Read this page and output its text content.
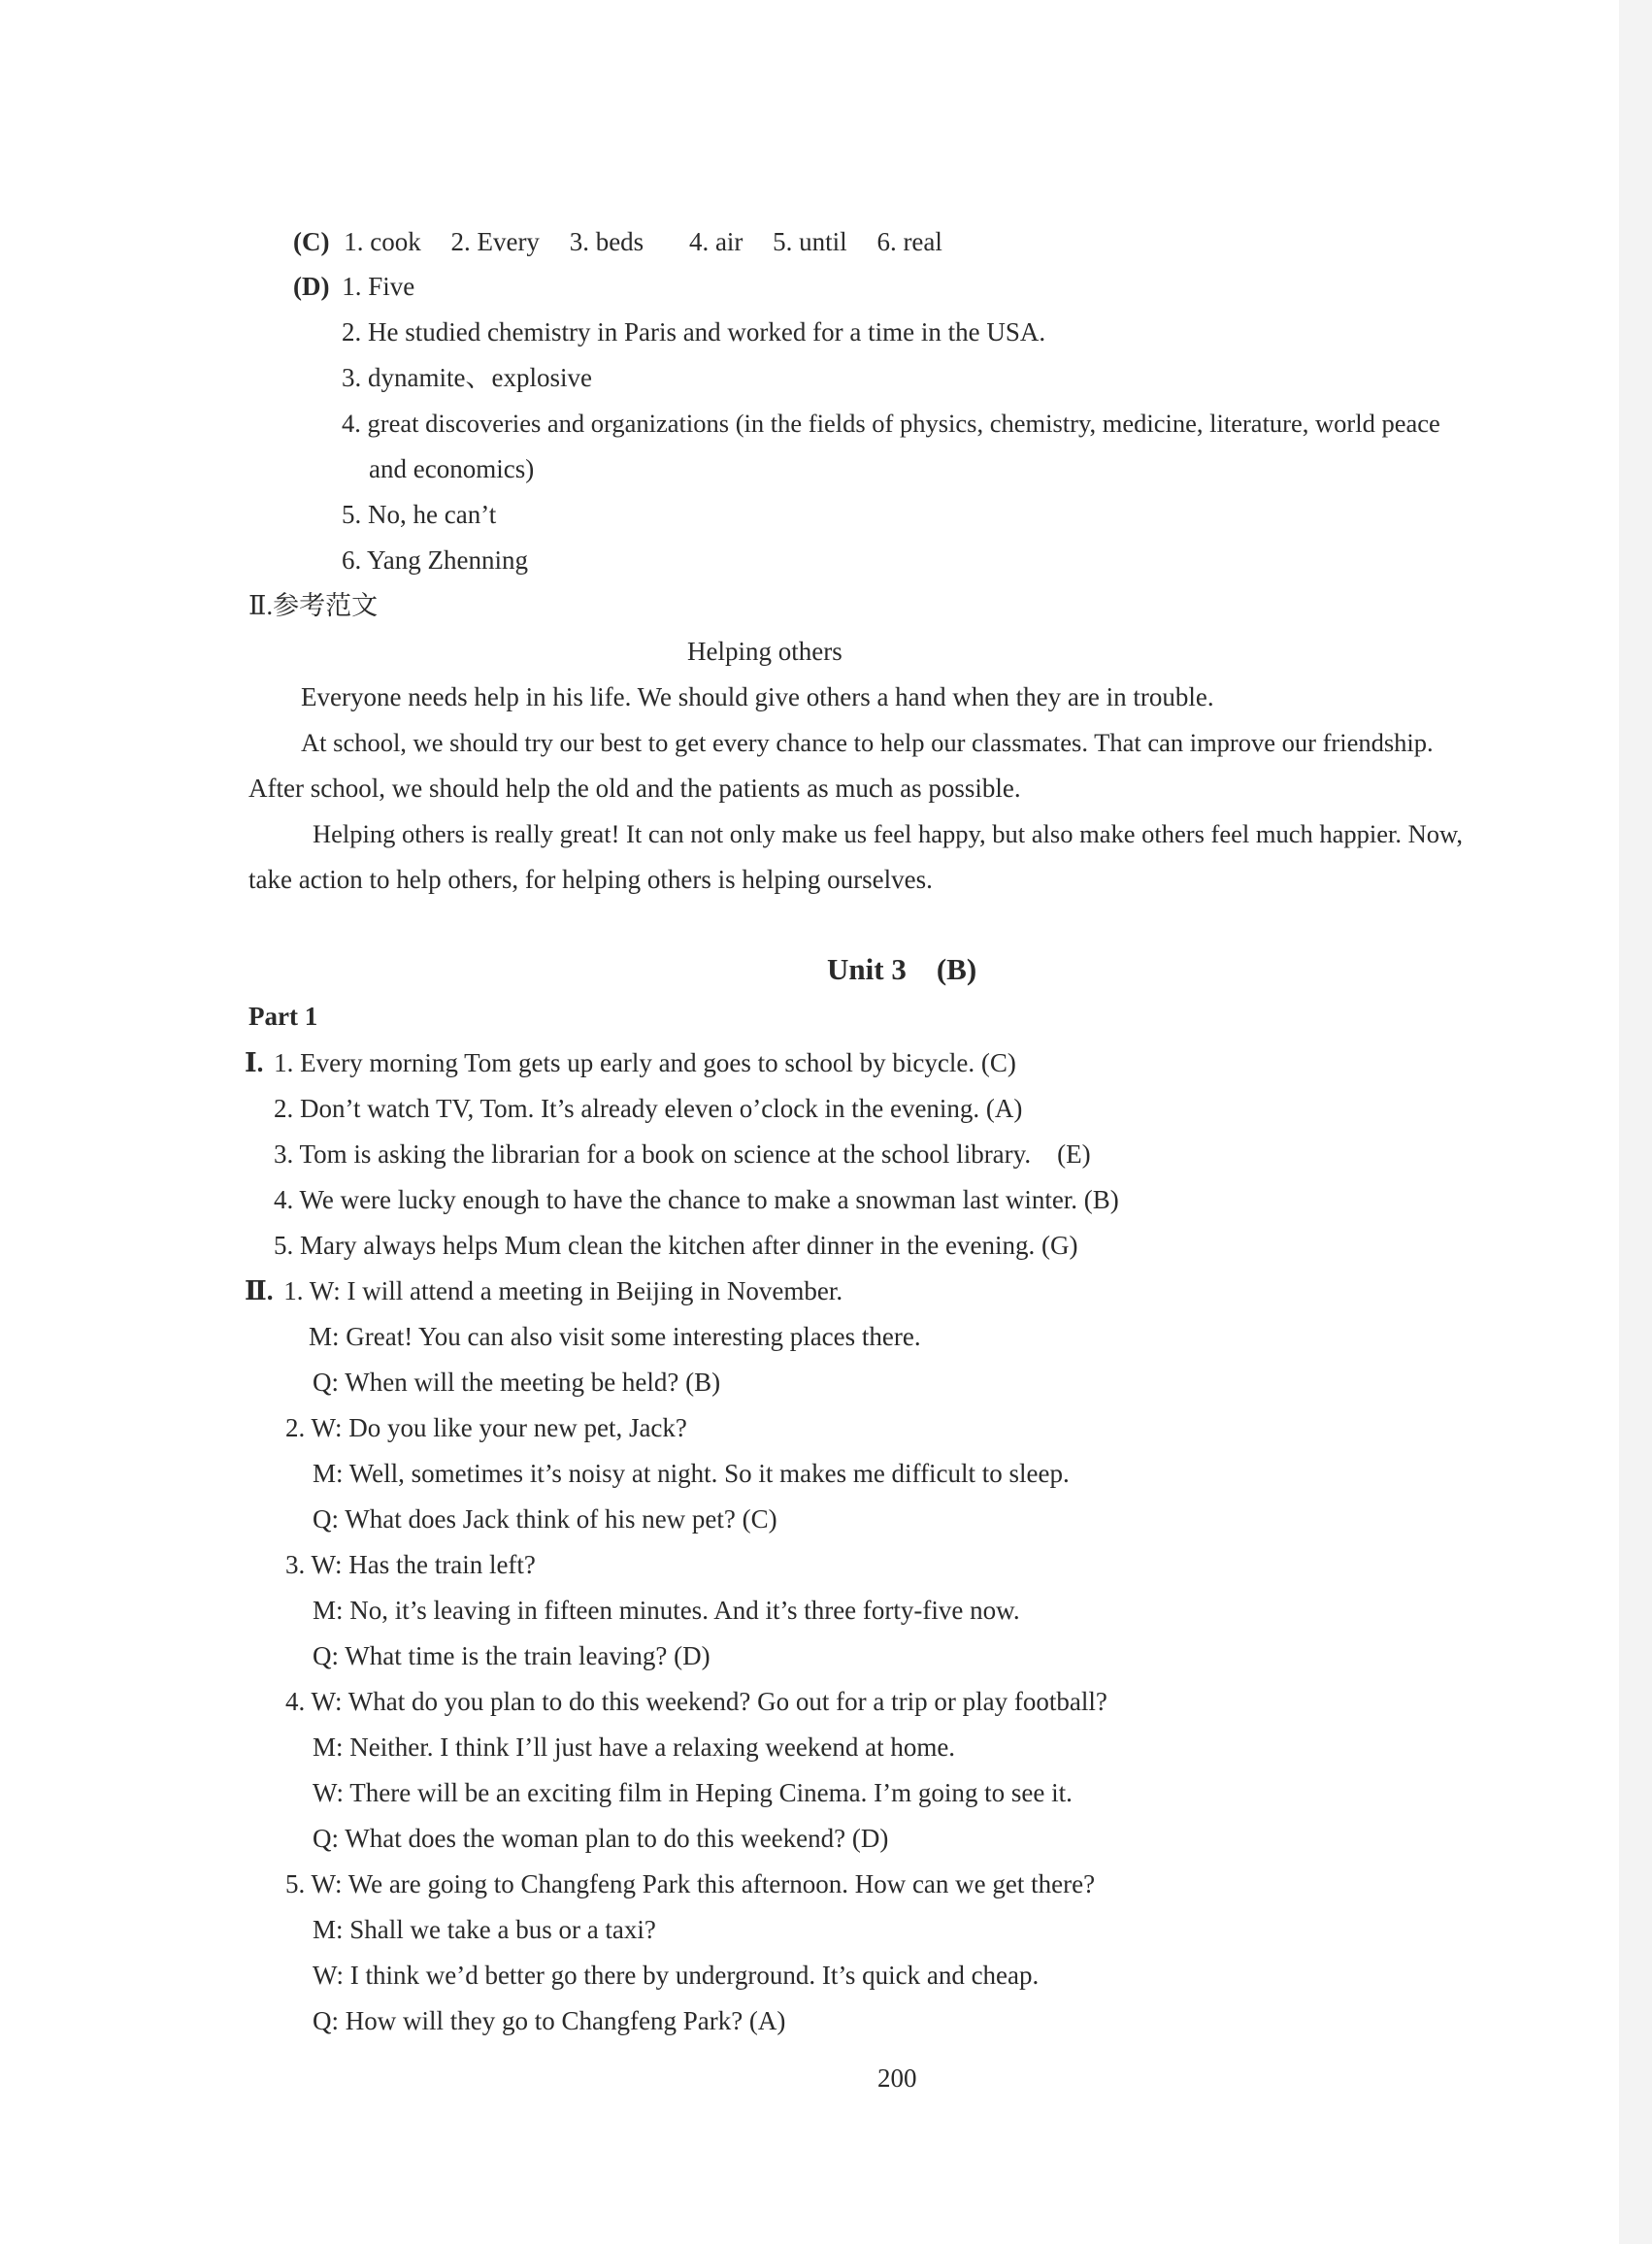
(C) 1. cook 2. Every 3. beds 4. air 5. until 6. real
(D) 1. Five
2. He studied chemistry in Paris and worked for a time in the USA.
3. dynamite、explosive
4. great discoveries and organizations (in the fields of physics, chemistry, medicine, literature, world peace
and economics)
5. No, he can’t
6. Yang Zhenning
Ⅱ.参考范文
Helping others
Everyone needs help in his life. We should give others a hand when they are in trouble.
At school, we should try our best to get every chance to help our classmates. That can improve our friendship.
After school, we should help the old and the patients as much as possible.
Helping others is really great! It can not only make us feel happy, but also make others feel much happier. Now,
take action to help others, for helping others is helping ourselves.
Unit 3　(B)
Part 1
Ⅰ. 1. Every morning Tom gets up early and goes to school by bicycle. (C)
2. Don’t watch TV, Tom. It’s already eleven o’clock in the evening. (A)
3. Tom is asking the librarian for a book on science at the school library.　(E)
4. We were lucky enough to have the chance to make a snowman last winter. (B)
5. Mary always helps Mum clean the kitchen after dinner in the evening. (G)
Ⅱ. 1. W: I will attend a meeting in Beijing in November.
M: Great! You can also visit some interesting places there.
Q: When will the meeting be held? (B)
2. W: Do you like your new pet, Jack?
M: Well, sometimes it’s noisy at night. So it makes me difficult to sleep.
Q: What does Jack think of his new pet? (C)
3. W: Has the train left?
M: No, it’s leaving in fifteen minutes. And it’s three forty-five now.
Q: What time is the train leaving? (D)
4. W: What do you plan to do this weekend? Go out for a trip or play football?
M: Neither. I think I’ll just have a relaxing weekend at home.
W: There will be an exciting film in Heping Cinema. I’m going to see it.
Q: What does the woman plan to do this weekend? (D)
5. W: We are going to Changfeng Park this afternoon. How can we get there?
M: Shall we take a bus or a taxi?
W: I think we’d better go there by underground. It’s quick and cheap.
Q: How will they go to Changfeng Park? (A)
200
